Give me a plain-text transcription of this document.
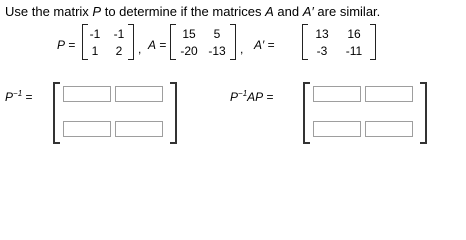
Use the matrix P to determine if the matrices A and A′ are similar.
P =
-1	-1
1	2	, A =
15	5
-20 -13	, A′ =
13	16
-3	-11
$P^{-1}$ =	$P^{-1}AP$ =
